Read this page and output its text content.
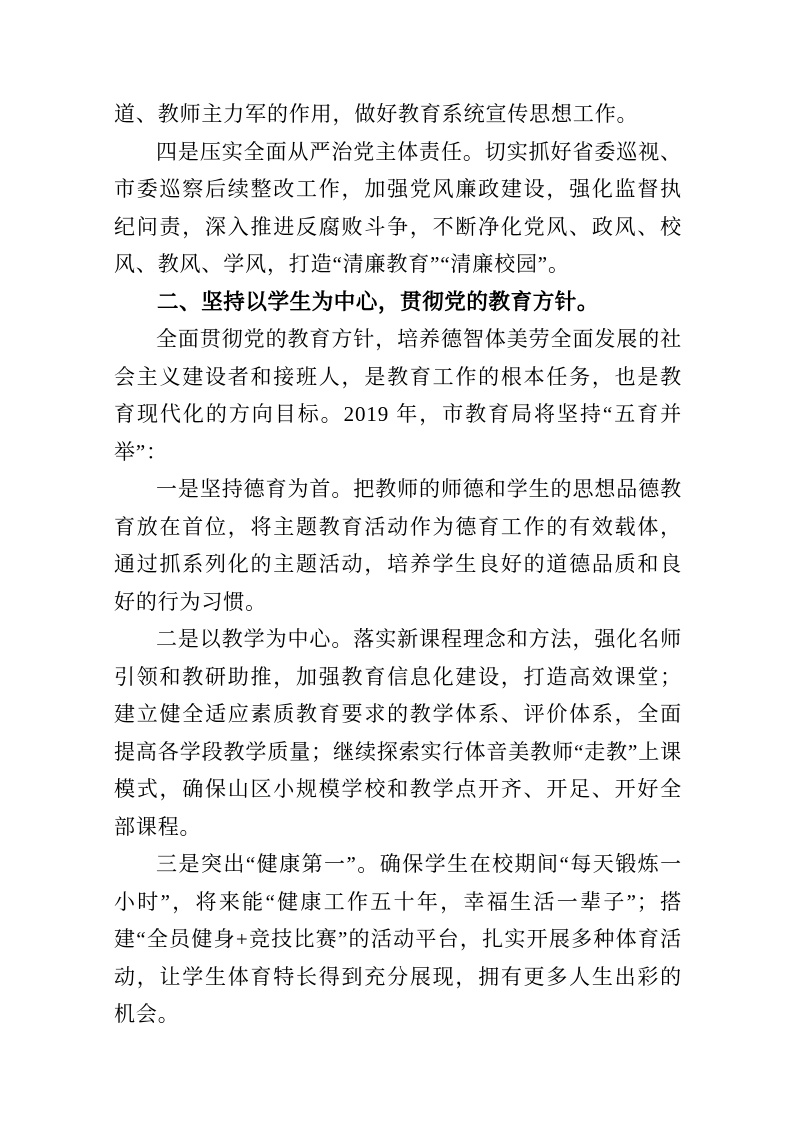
道、教师主力军的作用，做好教育系统宣传思想工作。

四是压实全面从严治党主体责任。切实抓好省委巡视、市委巡察后续整改工作，加强党风廉政建设，强化监督执纪问责，深入推进反腐败斗争，不断净化党风、政风、校风、教风、学风，打造“清廉教育”“清廉校园”。

二、坚持以学生为中心，贯彻党的教育方针。

全面贯彻党的教育方针，培养德智体美劳全面发展的社会主义建设者和接班人，是教育工作的根本任务，也是教育现代化的方向目标。2019 年，市教育局将坚持“五育并举”：

一是坚持德育为首。把教师的师德和学生的思想品德教育放在首位，将主题教育活动作为德育工作的有效载体，通过抓系列化的主题活动，培养学生良好的道德品质和良好的行为习惯。

二是以教学为中心。落实新课程理念和方法，强化名师引领和教研助推，加强教育信息化建设，打造高效课堂；建立健全适应素质教育要求的教学体系、评价体系，全面提高各学段教学质量；继续探索实行体音美教师“走教”上课模式，确保山区小规模学校和教学点开齐、开足、开好全部课程。

三是突出“健康第一”。确保学生在校期间“每天锻炼一小时”，将来能“健康工作五十年，幸福生活一辈子”；搭建“全员健身+竞技比赛”的活动平台，扎实开展多种体育活动，让学生体育特长得到充分展现，拥有更多人生出彩的机会。
